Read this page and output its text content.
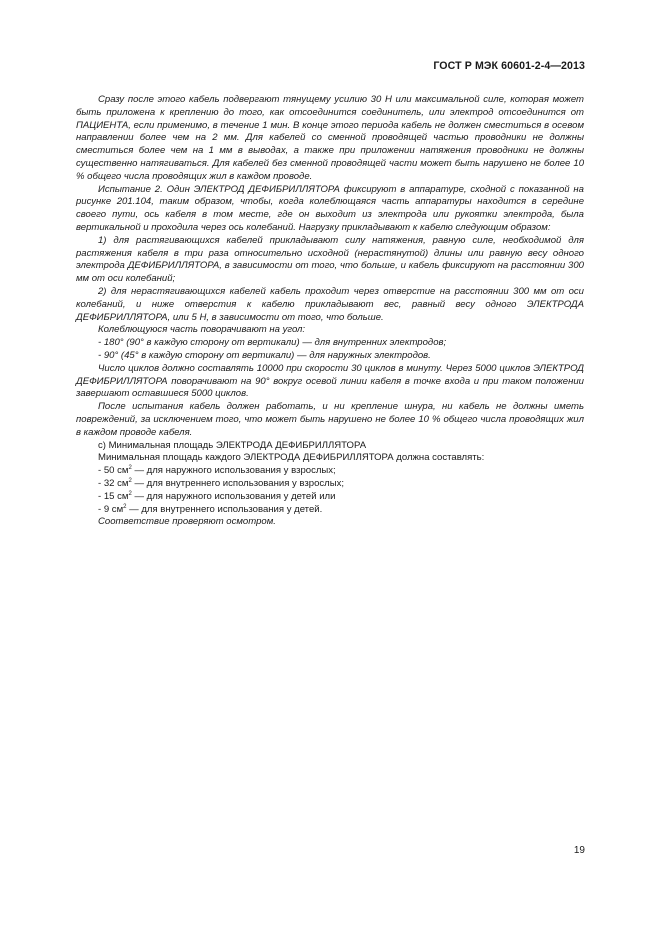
ГОСТ Р МЭК 60601-2-4—2013

Сразу после этого кабель подвергают тянущему усилию 30 Н или максимальной силе, которая может быть приложена к креплению до того, как отсоединится соединитель, или электрод отсоединится от ПАЦИЕНТА, если применимо, в течение 1 мин. В конце этого периода кабель не должен сместиться в осевом направлении более чем на 2 мм. Для кабелей со сменной проводящей частью проводники не должны сместиться более чем на 1 мм в выводах, а также при приложении натяжения проводники не должны существенно натягиваться. Для кабелей без сменной проводящей части может быть нарушено не более 10 % общего числа проводящих жил в каждом проводе.

Испытание 2. Один ЭЛЕКТРОД ДЕФИБРИЛЛЯТОРА фиксируют в аппаратуре, сходной с показанной на рисунке 201.104, таким образом, чтобы, когда колеблющаяся часть аппаратуры находится в середине своего пути, ось кабеля в том месте, где он выходит из электрода или рукоятки электрода, была вертикальной и проходила через ось колебаний. Нагрузку прикладывают к кабелю следующим образом:

1) для растягивающихся кабелей прикладывают силу натяжения, равную силе, необходимой для растяжения кабеля в три раза относительно исходной (нерастянутой) длины или равную весу одного электрода ДЕФИБРИЛЛЯТОРА, в зависимости от того, что больше, и кабель фиксируют на расстоянии 300 мм от оси колебаний;

2) для нерастягивающихся кабелей кабель проходит через отверстие на расстоянии 300 мм от оси колебаний, и ниже отверстия к кабелю прикладывают вес, равный весу одного ЭЛЕКТРОДА ДЕФИБРИЛЛЯТОРА, или 5 Н, в зависимости от того, что больше.

Колеблющуюся часть поворачивают на угол:

- 180° (90° в каждую сторону от вертикали) — для внутренних электродов;

- 90° (45° в каждую сторону от вертикали) — для наружных электродов.

Число циклов должно составлять 10000 при скорости 30 циклов в минуту. Через 5000 циклов ЭЛЕКТРОД ДЕФИБРИЛЛЯТОРА поворачивают на 90° вокруг осевой линии кабеля в точке входа и при таком положении завершают оставшиеся 5000 циклов.

После испытания кабель должен работать, и ни крепление шнура, ни кабель не должны иметь повреждений, за исключением того, что может быть нарушено не более 10 % общего числа проводящих жил в каждом проводе кабеля.

с) Минимальная площадь ЭЛЕКТРОДА ДЕФИБРИЛЛЯТОРА

Минимальная площадь каждого ЭЛЕКТРОДА ДЕФИБРИЛЛЯТОРА должна составлять:

- 50 $см^2$ — для наружного использования у взрослых;

- 32 $см^2$ — для внутреннего использования у взрослых;

- 15 $см^2$ — для наружного использования у детей или

- 9 $см^2$ — для внутреннего использования у детей.

Соответствие проверяют осмотром.

19
